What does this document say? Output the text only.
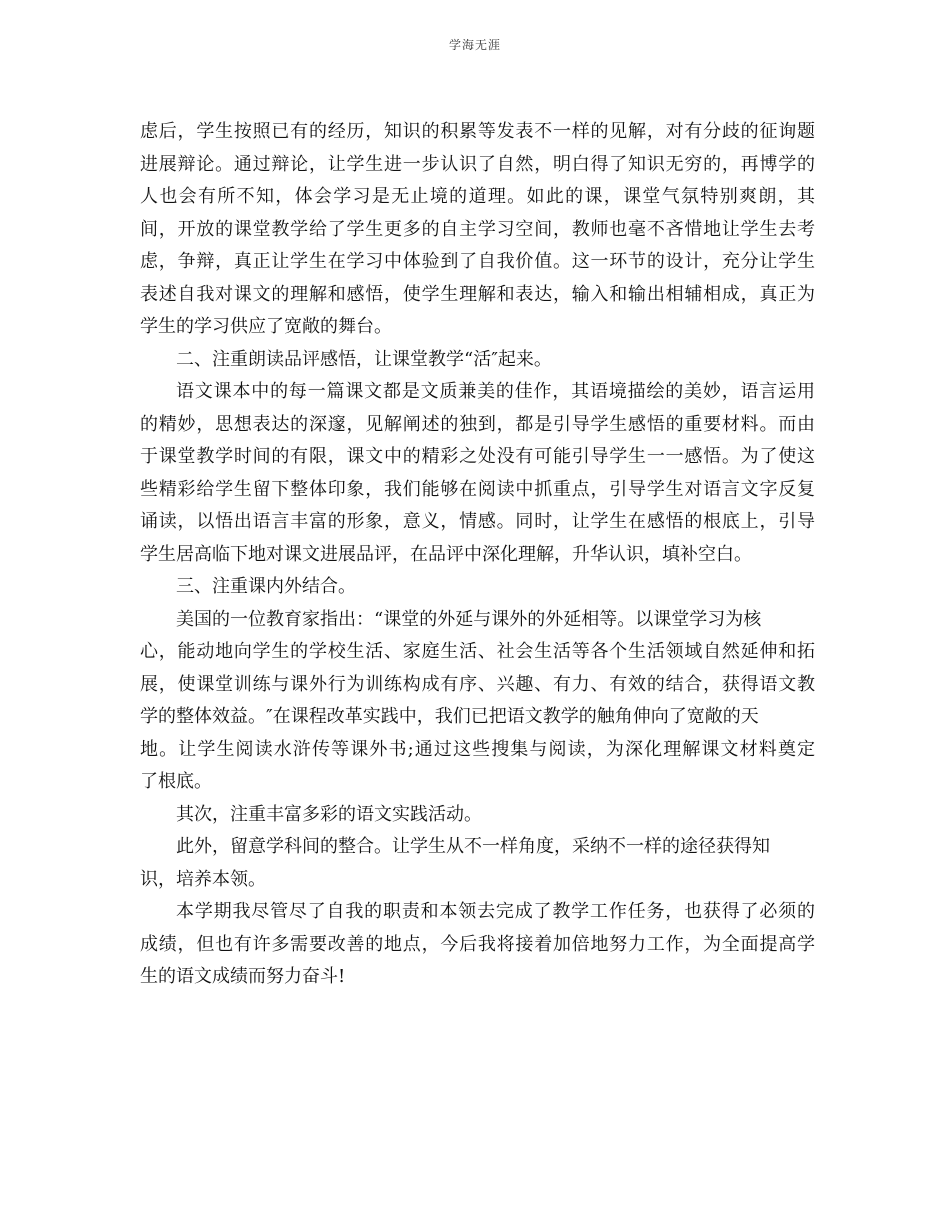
学海无涯
虑后，学生按照已有的经历，知识的积累等发表不一样的见解，对有分歧的征询题
进展辩论。通过辩论，让学生进一步认识了自然，明白得了知识无穷的，再博学的
人也会有所不知，体会学习是无止境的道理。如此的课，课堂气氛特别爽朗，其
间，开放的课堂教学给了学生更多的自主学习空间，教师也毫不吝惜地让学生去考
虑，争辩，真正让学生在学习中体验到了自我价值。这一环节的设计，充分让学生
表述自我对课文的理解和感悟，使学生理解和表达，输入和输出相辅相成，真正为
学生的学习供应了宽敞的舞台。
二、注重朗读品评感悟，让课堂教学“活″起来。
语文课本中的每一篇课文都是文质兼美的佳作，其语境描绘的美妙，语言运用
的精妙，思想表达的深邃，见解阐述的独到，都是引导学生感悟的重要材料。而由
于课堂教学时间的有限，课文中的精彩之处没有可能引导学生一一感悟。为了使这
些精彩给学生留下整体印象，我们能够在阅读中抓重点，引导学生对语言文字反复
诵读，以悟出语言丰富的形象，意义，情感。同时，让学生在感悟的根底上，引导
学生居高临下地对课文进展品评，在品评中深化理解，升华认识，填补空白。
三、注重课内外结合。
美国的一位教育家指出：“课堂的外延与课外的外延相等。以课堂学习为核
心，能动地向学生的学校生活、家庭生活、社会生活等各个生活领域自然延伸和拓
展，使课堂训练与课外行为训练构成有序、兴趣、有力、有效的结合，获得语文教
学的整体效益。″在课程改革实践中，我们已把语文教学的触角伸向了宽敞的天
地。让学生阅读水浒传等课外书;通过这些搜集与阅读，为深化理解课文材料奠定
了根底。
其次，注重丰富多彩的语文实践活动。
此外，留意学科间的整合。让学生从不一样角度，采纳不一样的途径获得知
识，培养本领。
本学期我尽管尽了自我的职责和本领去完成了教学工作任务，也获得了必须的
成绩，但也有许多需要改善的地点，今后我将接着加倍地努力工作，为全面提高学
生的语文成绩而努力奋斗!
